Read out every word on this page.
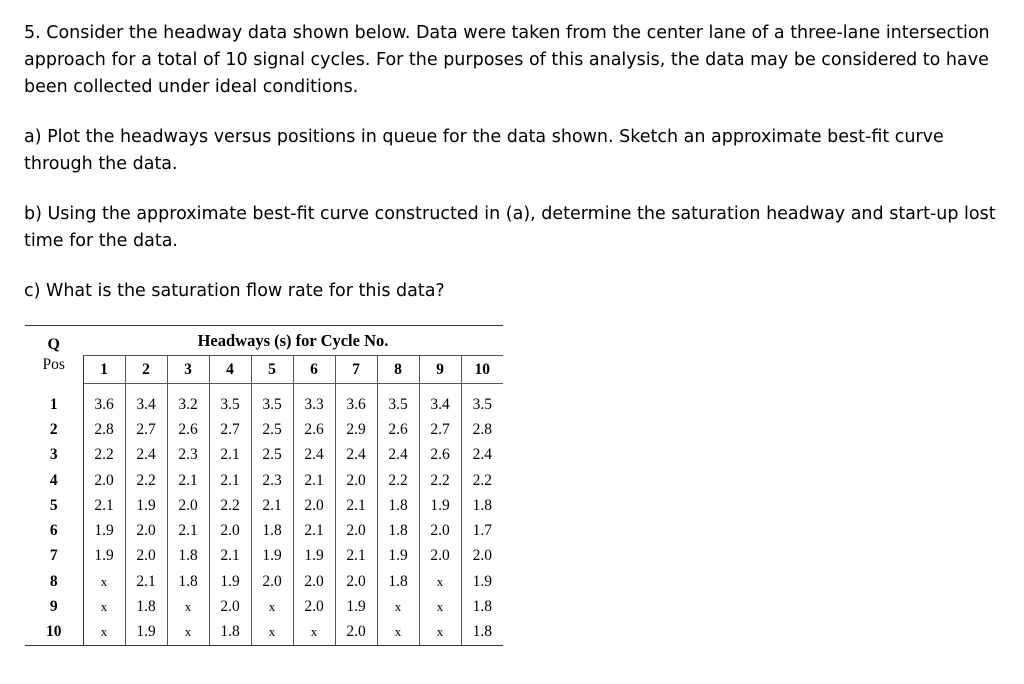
5. Consider the headway data shown below. Data were taken from the center lane of a three-lane intersection approach for a total of 10 signal cycles. For the purposes of this analysis, the data may be considered to have been collected under ideal conditions.

a) Plot the headways versus positions in queue for the data shown. Sketch an approximate best-fit curve through the data.

b) Using the approximate best-fit curve constructed in (a), determine the saturation headway and start-up lost time for the data.

c) What is the saturation flow rate for this data?

Q
Pos	Headways (s) for Cycle No.									
	1	2	3	4	5	6	7	8	9	10

1	3.6	3.4	3.2	3.5	3.5	3.3	3.6	3.5	3.4	3.5
2	2.8	2.7	2.6	2.7	2.5	2.6	2.9	2.6	2.7	2.8
3	2.2	2.4	2.3	2.1	2.5	2.4	2.4	2.4	2.6	2.4
4	2.0	2.2	2.1	2.1	2.3	2.1	2.0	2.2	2.2	2.2
5	2.1	1.9	2.0	2.2	2.1	2.0	2.1	1.8	1.9	1.8
6	1.9	2.0	2.1	2.0	1.8	2.1	2.0	1.8	2.0	1.7
7	1.9	2.0	1.8	2.1	1.9	1.9	2.1	1.9	2.0	2.0
8	x	2.1	1.8	1.9	2.0	2.0	2.0	1.8	x	1.9
9	x	1.8	x	2.0	x	2.0	1.9	x	x	1.8
10	x	1.9	x	1.8	x	x	2.0	x	x	1.8
